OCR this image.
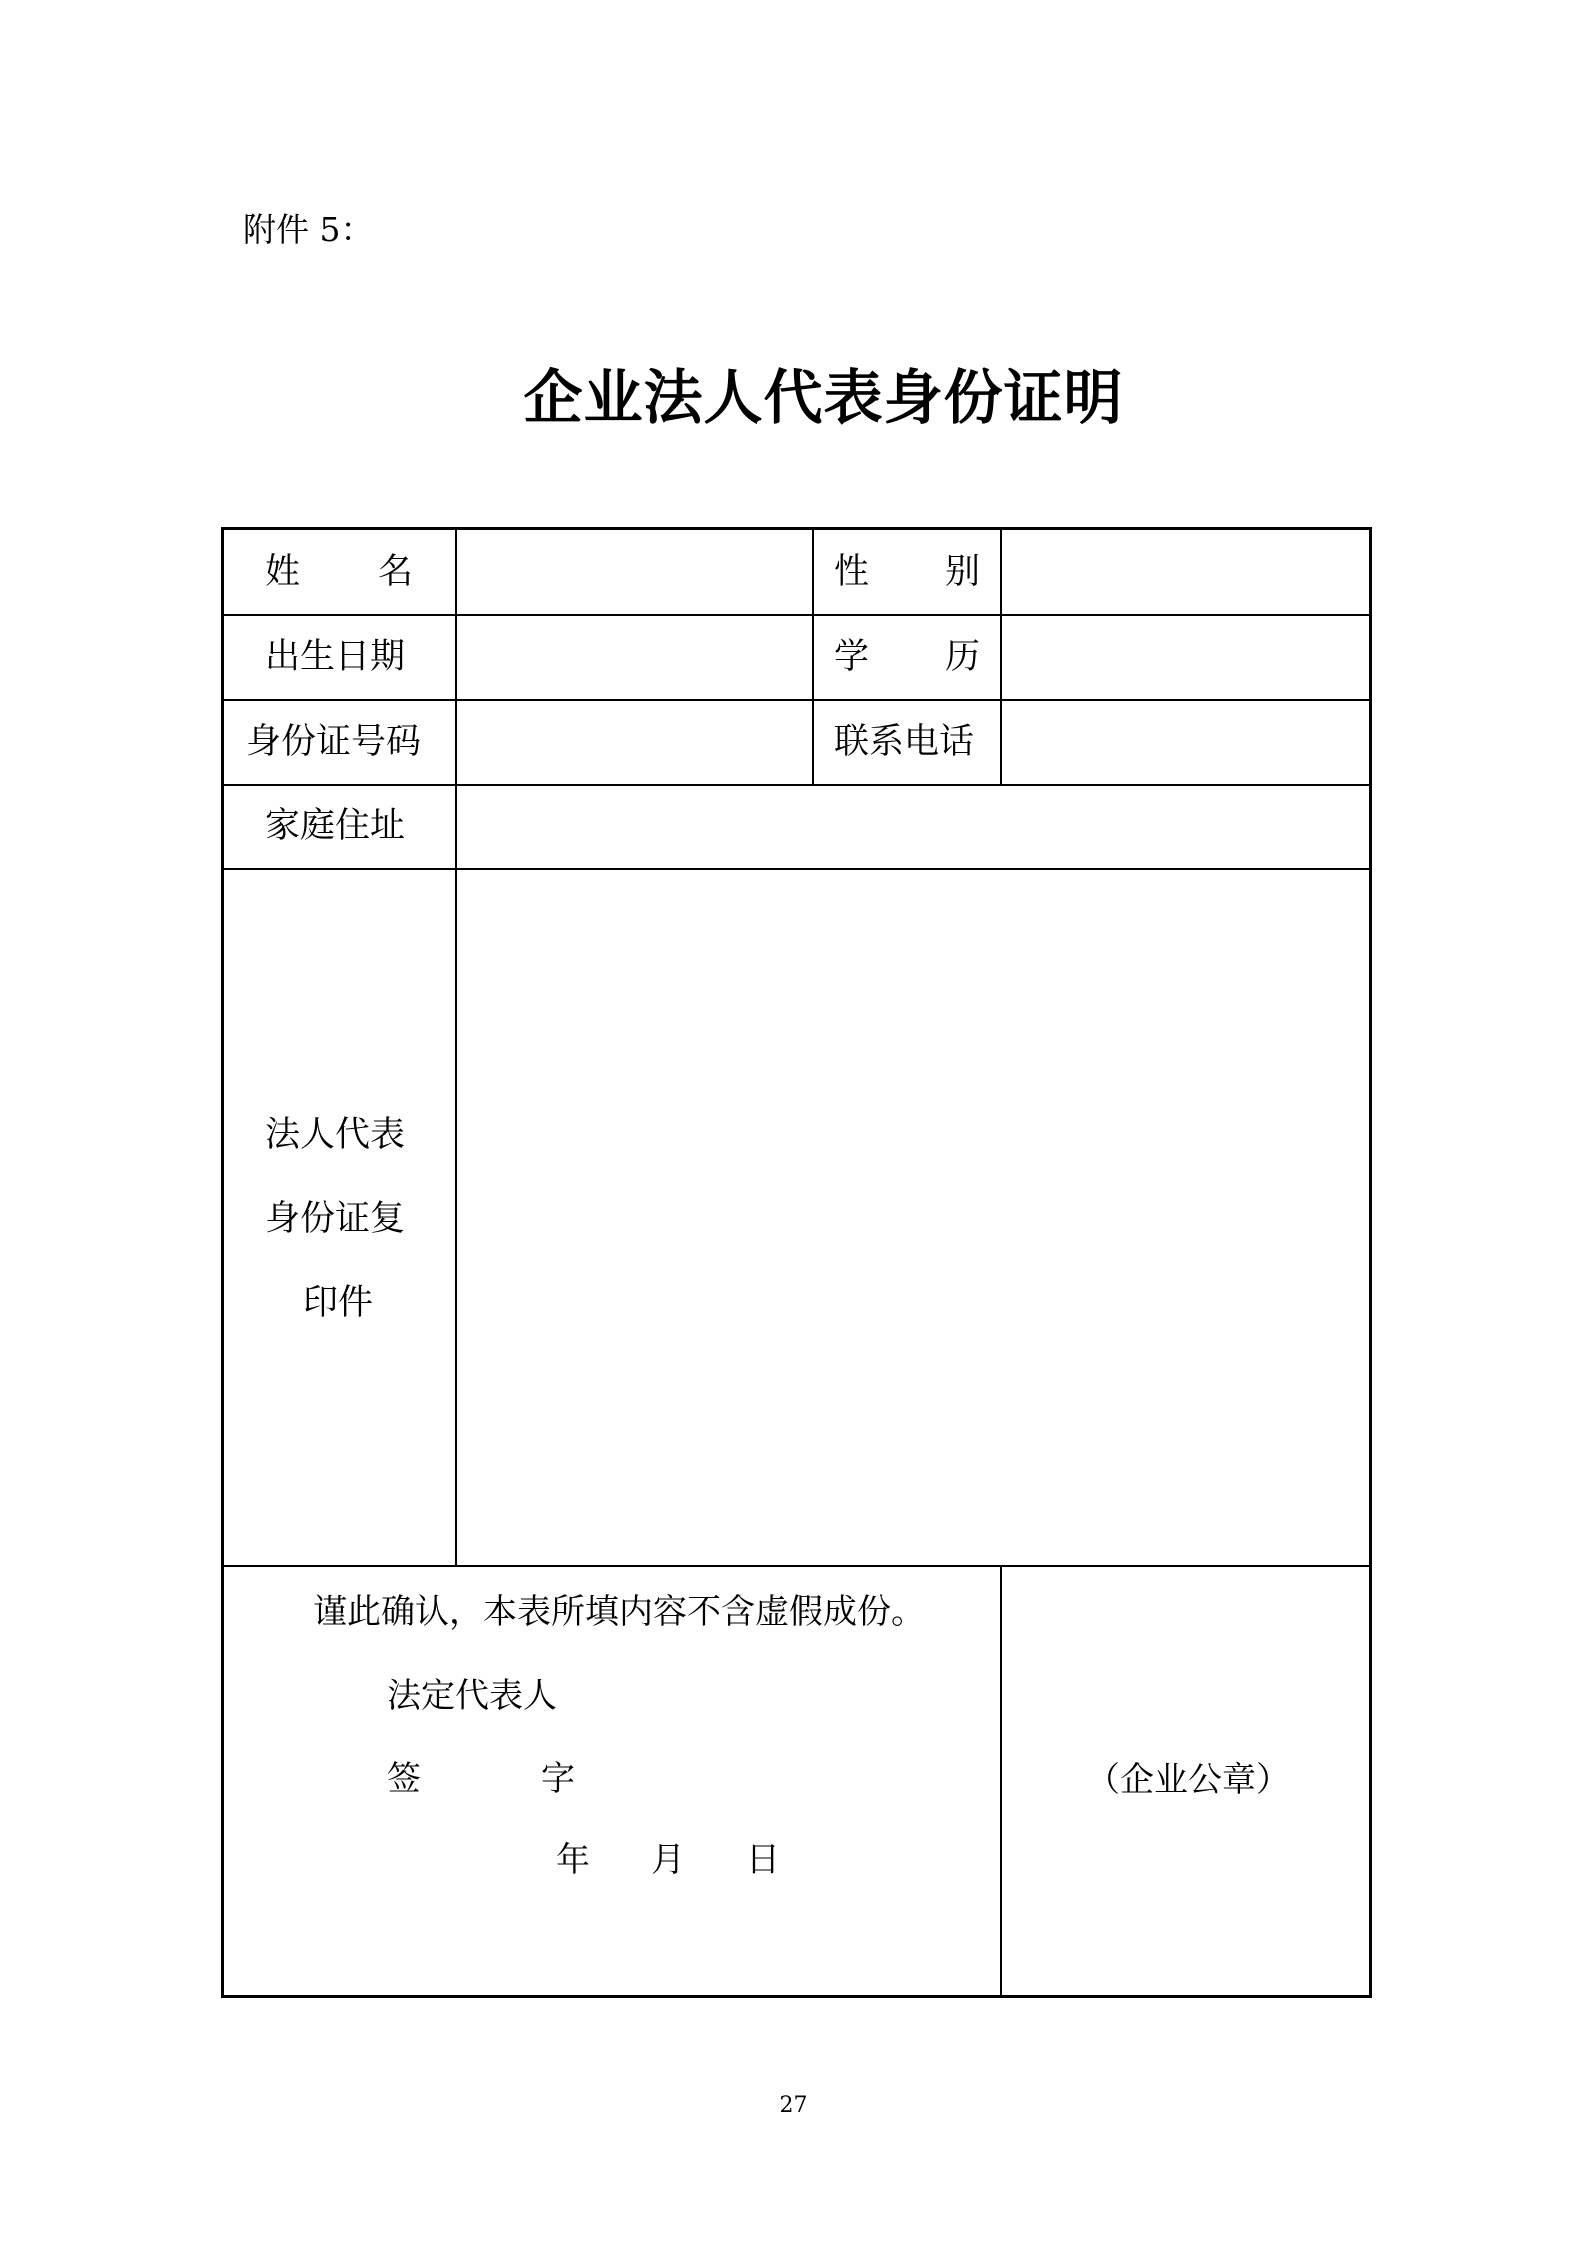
附件 5：
企业法人代表身份证明
姓 名	性 别
出生日期	学 历
身份证号码	联系电话
家庭住址
法人代表
身份证复
印件
谨此确认，本表所填内容不含虚假成份。
法定代表人
签	字
年 月 日
（企业公章）
27
